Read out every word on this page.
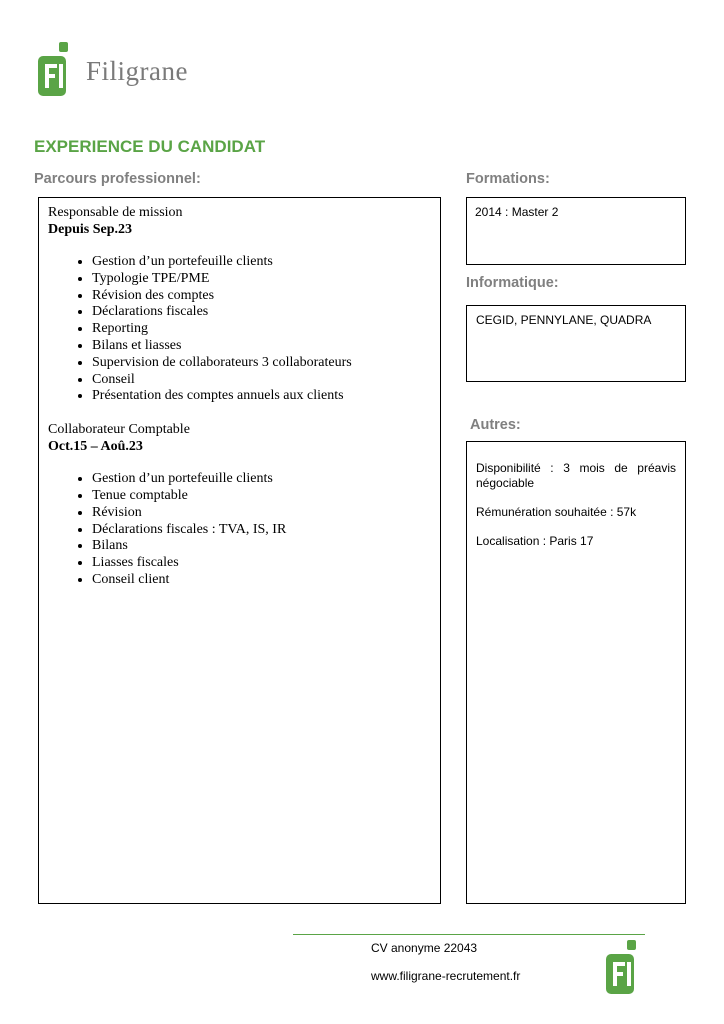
Filigrane
EXPERIENCE DU CANDIDAT
Parcours professionnel:

Responsable de mission

Depuis Sep.23

• Gestion d’un portefeuille clients
• Typologie TPE/PME
• Révision des comptes
• Déclarations fiscales
• Reporting
• Bilans et liasses
• Supervision de collaborateurs 3 collaborateurs
• Conseil
• Présentation des comptes annuels aux clients

Collaborateur Comptable

Oct.15 – Aoû.23

• Gestion d’un portefeuille clients
• Tenue comptable
• Révision
• Déclarations fiscales : TVA, IS, IR
• Bilans
• Liasses fiscales
• Conseil client
Formations:
2014 : Master 2
Informatique:
CEGID, PENNYLANE, QUADRA
Autres:

Disponibilité : 3 mois de préavis négociable

Rémunération souhaitée : 57k

Localisation : Paris 17

CV anonyme 22043
www.filigrane-recrutement.fr
